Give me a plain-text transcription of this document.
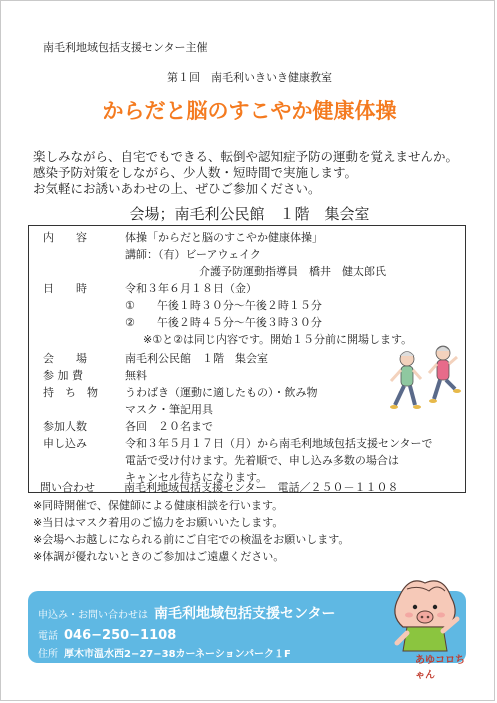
南毛利地域包括支援センター主催
第１回　南毛利いきいき健康教室
からだと脳のすこやか健康体操
楽しみながら、自宅でもできる、転倒や認知症予防の運動を覚えませんか。
感染予防対策をしながら、少人数・短時間で実施します。
お気軽にお誘いあわせの上、ぜひご参加ください。
会場；南毛利公民館　１階　集会室
内　　容	体操「からだと脳のすこやか健康体操」
講師：（有）ビーアウェイク
介護予防運動指導員　橋井　健太郎氏
日　　時	令和３年６月１８日（金）
①　　午後１時３０分～午後２時１５分
②　　午後２時４５分～午後３時３０分
※①と②は同じ内容です。開始１５分前に開場します。
会　　場	南毛利公民館　１階　集会室
参 加 費	無料
持　ち　物 うわばき（運動に適したもの）・飲み物
マスク・筆記用具
参加人数	各回　２０名まで
申し込み	令和３年５月１７日（月）から南毛利地域包括支援センターで
電話で受け付けます。先着順で、申し込み多数の場合は
キャンセル待ちになります。
問い合わせ	南毛利地域包括支援センター　電話／２５０－１１０８
※同時開催で、保健師による健康相談を行います。
※当日はマスク着用のご協力をお願いいたします。
※会場へお越しになられる前にご自宅での検温をお願いします。
※体調が優れないときのご参加はご遠慮ください。
申込み・お問い合わせは 南毛利地域包括支援センター
電話 046−250−1108
住所 厚木市温水西2−27−38カーネーションパーク１F
あゆコロちゃん
